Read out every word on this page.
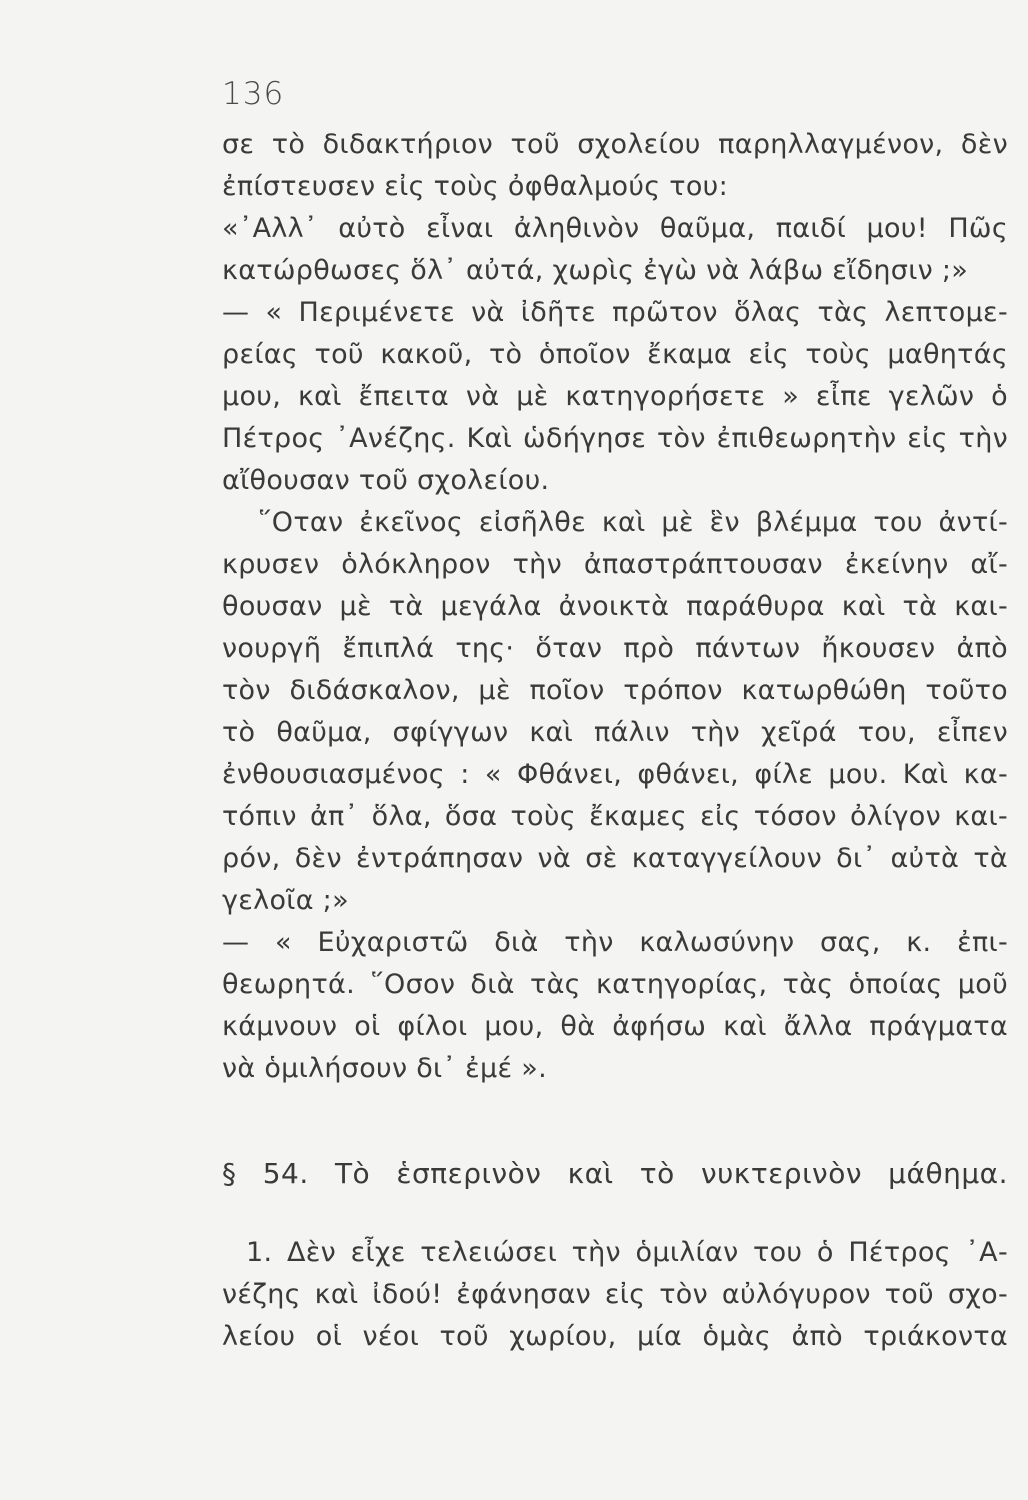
136
σε τὸ διδακτήριον τοῦ σχολείου παρηλλαγμένον, δὲν
ἐπίστευσεν εἰς τοὺς ὀφθαλμούς του:
«᾿Αλλ᾿ αὐτὸ εἶναι ἀληθινὸν θαῦμα, παιδί μου! Πῶς
κατώρθωσες ὅλ᾿ αὐτά, χωρὶς ἐγὼ νὰ λάβω εἴδησιν ;»
— « Περιμένετε νὰ ἰδῆτε πρῶτον ὅλας τὰς λεπτομε-
ρείας τοῦ κακοῦ, τὸ ὁποῖον ἔκαμα εἰς τοὺς μαθητάς
μου, καὶ ἔπειτα νὰ μὲ κατηγορήσετε » εἶπε γελῶν ὁ
Πέτρος ᾿Ανέζης. Καὶ ὡδήγησε τὸν ἐπιθεωρητὴν εἰς τὴν
αἴθουσαν τοῦ σχολείου.
῞Οταν ἐκεῖνος εἰσῆλθε καὶ μὲ ἓν βλέμμα του ἀντί-
κρυσεν ὁλόκληρον τὴν ἀπαστράπτουσαν ἐκείνην αἴ-
θουσαν μὲ τὰ μεγάλα ἀνοικτὰ παράθυρα καὶ τὰ και-
νουργῆ ἔπιπλά της· ὅταν πρὸ πάντων ἤκουσεν ἀπὸ
τὸν διδάσκαλον, μὲ ποῖον τρόπον κατωρθώθη τοῦτο
τὸ θαῦμα, σφίγγων καὶ πάλιν τὴν χεῖρά του, εἶπεν
ἐνθουσιασμένος : « Φθάνει, φθάνει, φίλε μου. Καὶ κα-
τόπιν ἀπ᾿ ὅλα, ὅσα τοὺς ἔκαμες εἰς τόσον ὀλίγον και-
ρόν, δὲν ἐντράπησαν νὰ σὲ καταγγείλουν δι᾿ αὐτὰ τὰ
γελοῖα ;»
— « Εὐχαριστῶ διὰ τὴν καλωσύνην σας, κ. ἐπι-
θεωρητά. ῞Οσον διὰ τὰς κατηγορίας, τὰς ὁποίας μοῦ
κάμνουν οἱ φίλοι μου, θὰ ἀφήσω καὶ ἄλλα πράγματα
νὰ ὁμιλήσουν δι᾿ ἐμέ ».
§ 54. Τὸ ἑσπερινὸν καὶ τὸ νυκτερινὸν μάθημα.
1. Δὲν εἶχε τελειώσει τὴν ὁμιλίαν του ὁ Πέτρος ᾿Α-
νέζης καὶ ἰδού! ἐφάνησαν εἰς τὸν αὐλόγυρον τοῦ σχο-
λείου οἱ νέοι τοῦ χωρίου, μία ὁμὰς ἀπὸ τριάκοντα
